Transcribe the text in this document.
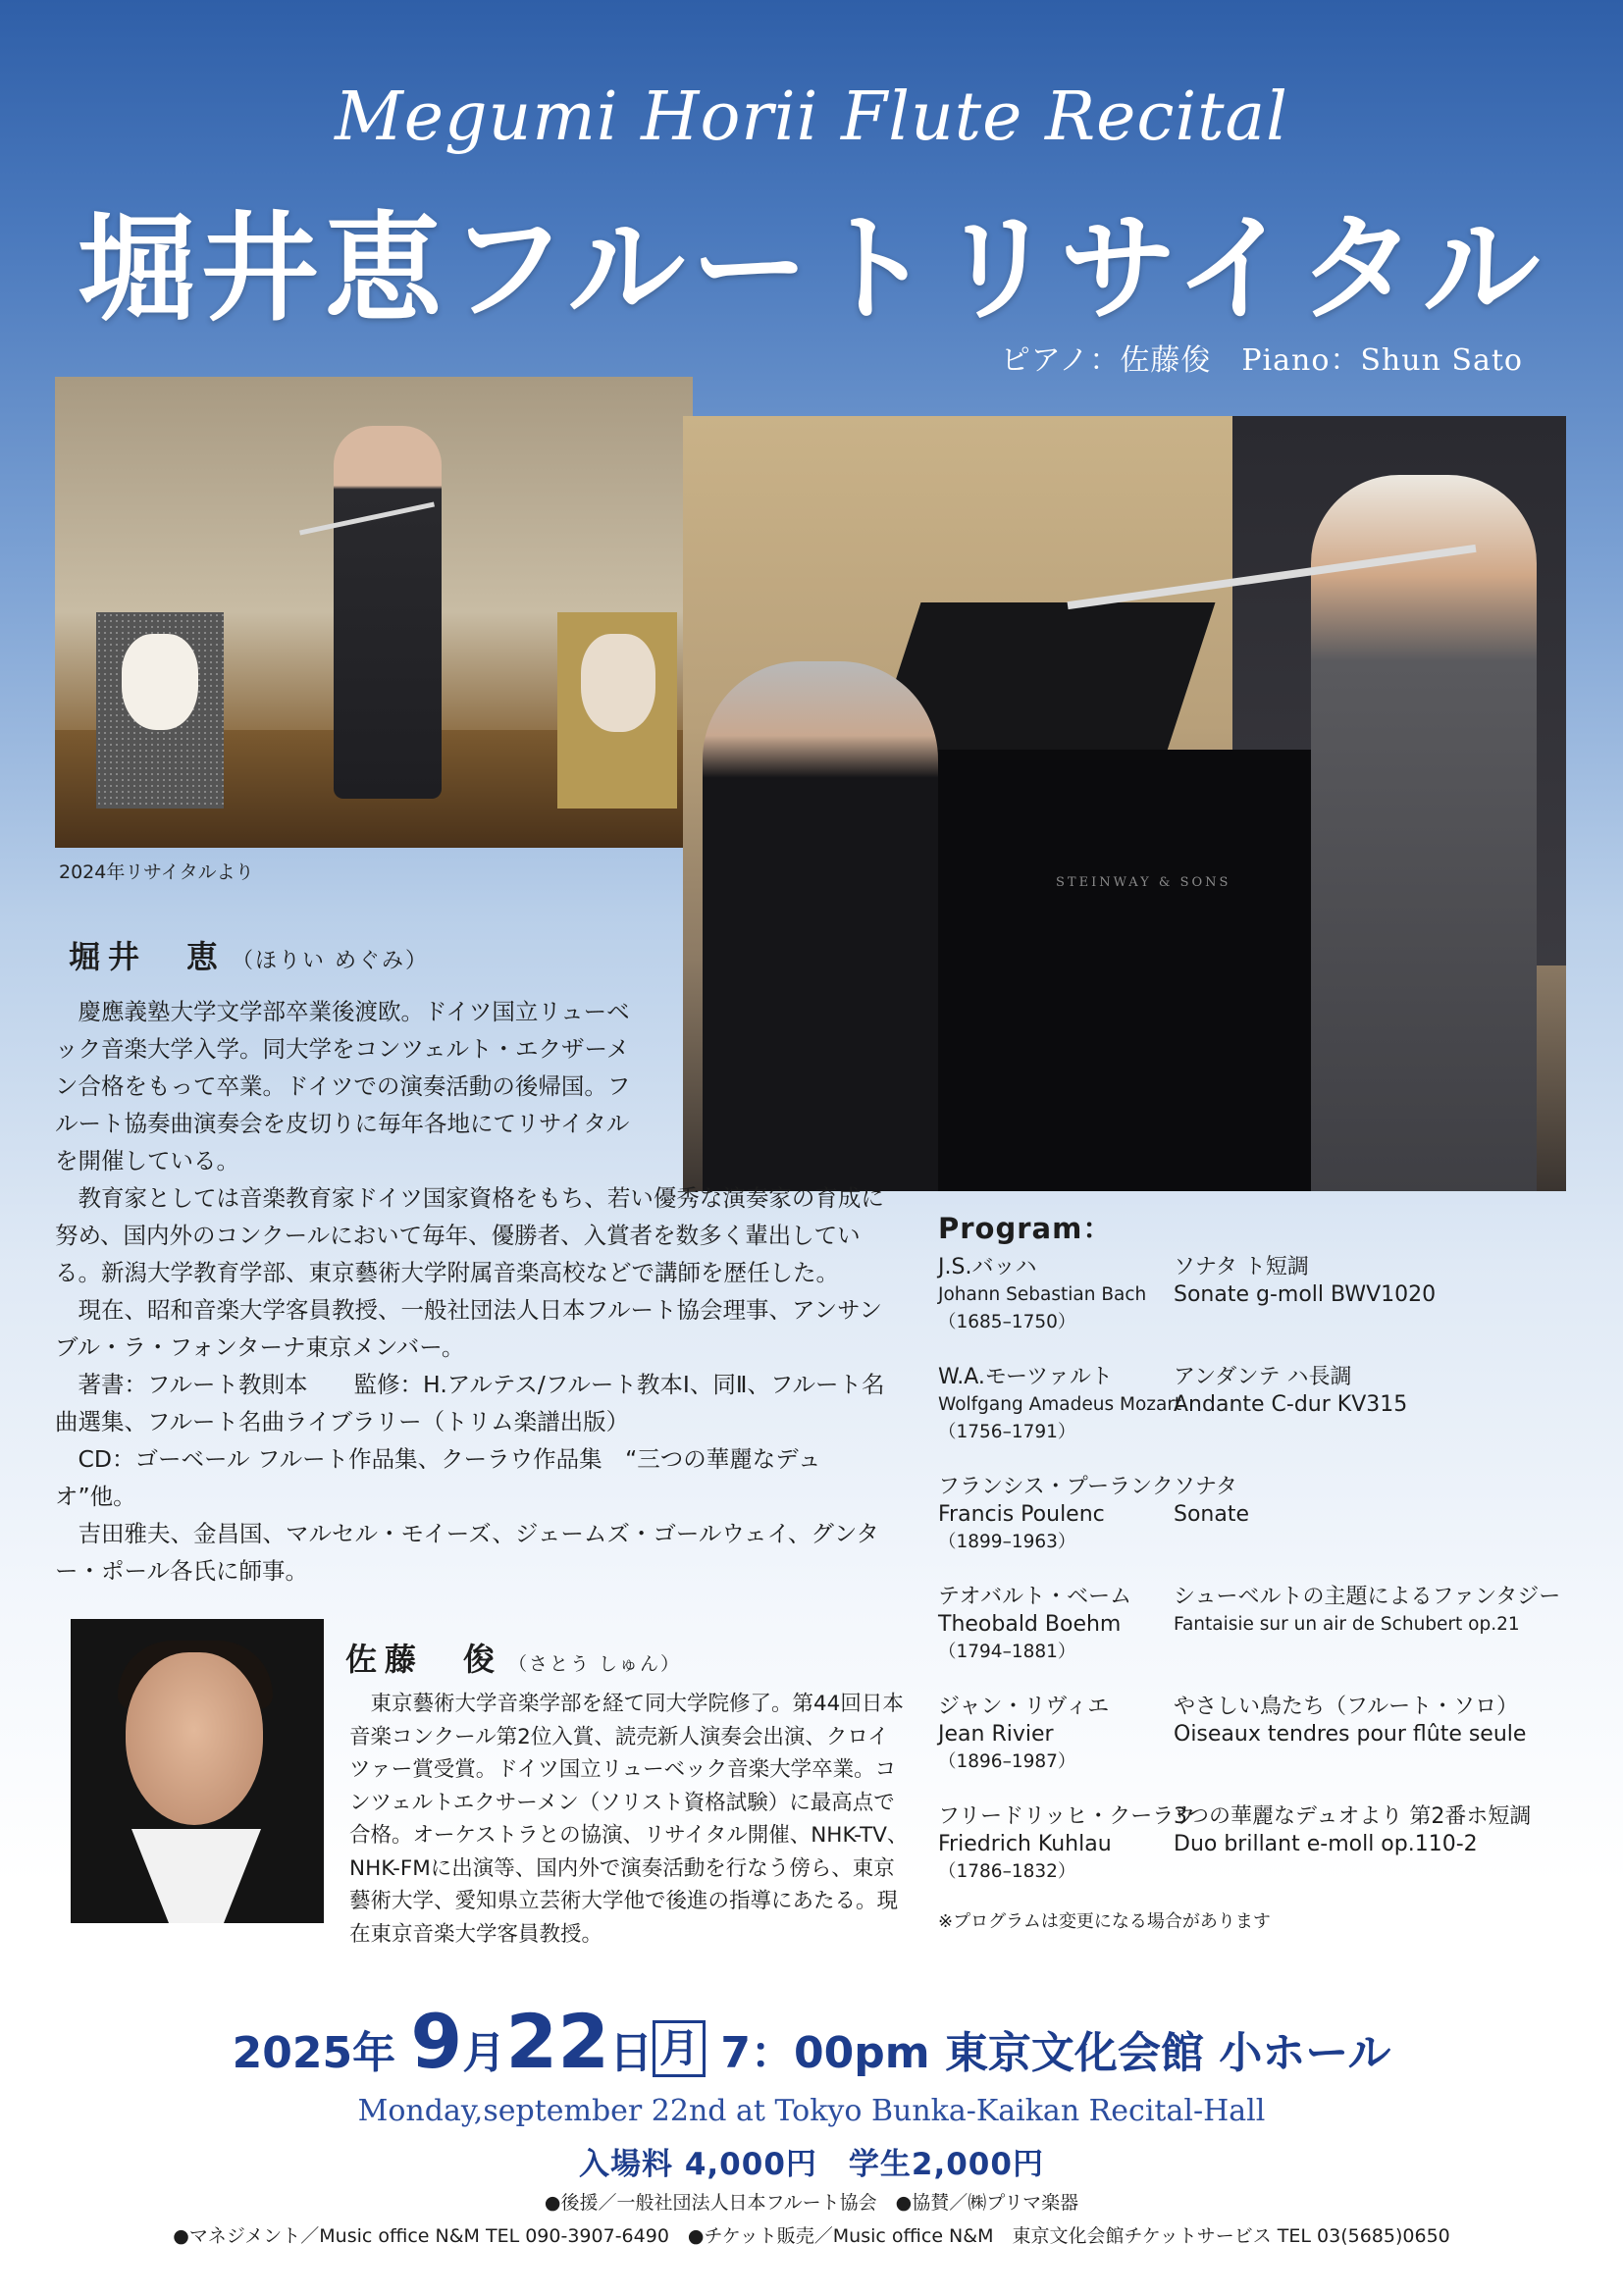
Megumi Horii Flute Recital
堀井恵フルートリサイタル
ピアノ：佐藤俊　Piano：Shun Sato
2024年リサイタルより	STEINWAY & SONS
堀井　恵 （ほりい めぐみ）

慶應義塾大学文学部卒業後渡欧。ドイツ国立リューベック音楽大学入学。同大学をコンツェルト・エクザーメン合格をもって卒業。ドイツでの演奏活動の後帰国。フルート協奏曲演奏会を皮切りに毎年各地にてリサイタルを開催している。

教育家としては音楽教育家ドイツ国家資格をもち、若い優秀な演奏家の育成に努め、国内外のコンクールにおいて毎年、優勝者、入賞者を数多く輩出している。新潟大学教育学部、東京藝術大学附属音楽高校などで講師を歴任した。

現在、昭和音楽大学客員教授、一般社団法人日本フルート協会理事、アンサンブル・ラ・フォンターナ東京メンバー。

著書：フルート教則本　　監修：H.アルテス/フルート教本Ⅰ、同Ⅱ、フルート名曲選集、フルート名曲ライブラリー（トリム楽譜出版）

CD：ゴーベール フルート作品集、クーラウ作品集　“三つの華麗なデュオ”他。

吉田雅夫、金昌国、マルセル・モイーズ、ジェームズ・ゴールウェイ、グンター・ポール各氏に師事。

佐藤　俊 （さとう しゅん）
東京藝術大学音楽学部を経て同大学院修了。第44回日本音楽コンクール第2位入賞、読売新人演奏会出演、クロイツァー賞受賞。ドイツ国立リューベック音楽大学卒業。コンツェルトエクサーメン（ソリスト資格試験）に最高点で合格。オーケストラとの協演、リサイタル開催、NHK-TV、NHK-FMに出演等、国内外で演奏活動を行なう傍ら、東京藝術大学、愛知県立芸術大学他で後進の指導にあたる。現在東京音楽大学客員教授。
Program：
J.S.バッハ
Johann Sebastian Bach
（1685–1750）
ソナタ ト短調
Sonate g-moll BWV1020
W.A.モーツァルト
Wolfgang Amadeus Mozart
（1756–1791）
アンダンテ ハ長調
Andante C-dur KV315
フランシス・プーランク
Francis Poulenc
（1899–1963）
ソナタ
Sonate
テオバルト・ベーム
Theobald Boehm
（1794–1881）
シューベルトの主題によるファンタジー
Fantaisie sur un air de Schubert op.21
ジャン・リヴィエ
Jean Rivier
（1896–1987）
やさしい鳥たち（フルート・ソロ）
Oiseaux tendres pour flûte seule
フリードリッヒ・クーラウ
Friedrich Kuhlau
（1786–1832）
3つの華麗なデュオより 第2番ホ短調
Duo brillant e-moll op.110-2
※プログラムは変更になる場合があります
2025年 9月22日 月 7：00pm 東京文化会館 小ホール
Monday,september 22nd at Tokyo Bunka-Kaikan Recital-Hall
入場料 4,000円　学生2,000円
●後援／一般社団法人日本フルート協会　●協賛／㈱プリマ楽器
●マネジメント／Music office N&M TEL 090-3907-6490　●チケット販売／Music office N&M　東京文化会館チケットサービス TEL 03(5685)0650
